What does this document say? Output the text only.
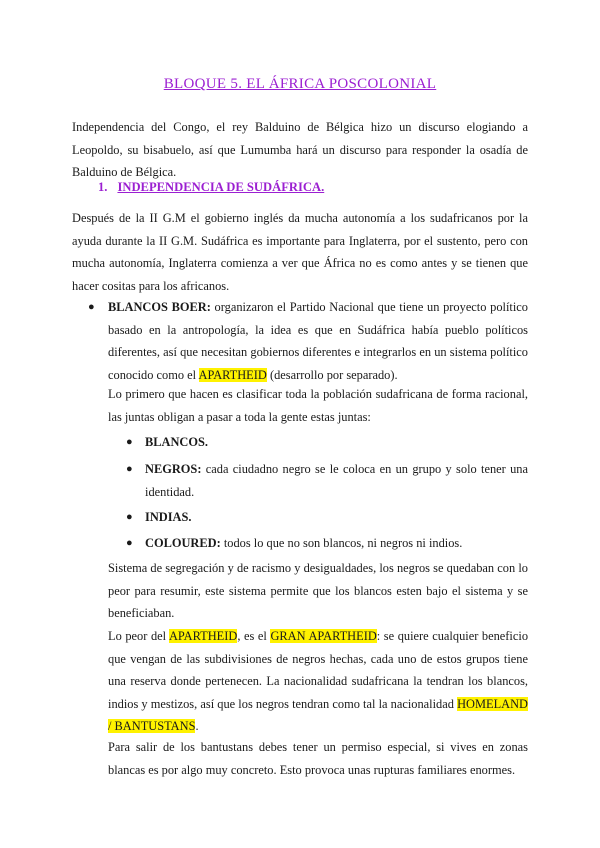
BLOQUE 5. EL ÁFRICA POSCOLONIAL

Independencia del Congo, el rey Balduino de Bélgica hizo un discurso elogiando a Leopoldo, su bisabuelo, así que Lumumba hará un discurso para responder la osadía de Balduino de Bélgica.

1. INDEPENDENCIA DE SUDÁFRICA.

Después de la II G.M el gobierno inglés da mucha autonomía a los sudafricanos por la ayuda durante la II G.M. Sudáfrica es importante para Inglaterra, por el sustento, pero con mucha autonomía, Inglaterra comienza a ver que África no es como antes y se tienen que hacer cositas para los africanos.

● BLANCOS BOER: organizaron el Partido Nacional que tiene un proyecto político basado en la antropología, la idea es que en Sudáfrica había pueblo políticos diferentes, así que necesitan gobiernos diferentes e integrarlos en un sistema político conocido como el APARTHEID (desarrollo por separado).

Lo primero que hacen es clasificar toda la población sudafricana de forma racional, las juntas obligan a pasar a toda la gente estas juntas:

● BLANCOS.
● NEGROS: cada ciudadno negro se le coloca en un grupo y solo tener una identidad.
● INDIAS.
● COLOURED: todos lo que no son blancos, ni negros ni indios.

Sistema de segregación y de racismo y desigualdades, los negros se quedaban con lo peor para resumir, este sistema permite que los blancos esten bajo el sistema y se beneficiaban.

Lo peor del APARTHEID, es el GRAN APARTHEID: se quiere cualquier beneficio que vengan de las subdivisiones de negros hechas, cada uno de estos grupos tiene una reserva donde pertenecen. La nacionalidad sudafricana la tendran los blancos, indios y mestizos, así que los negros tendran como tal la nacionalidad HOMELAND / BANTUSTANS.

Para salir de los bantustans debes tener un permiso especial, si vives en zonas blancas es por algo muy concreto. Esto provoca unas rupturas familiares enormes.
